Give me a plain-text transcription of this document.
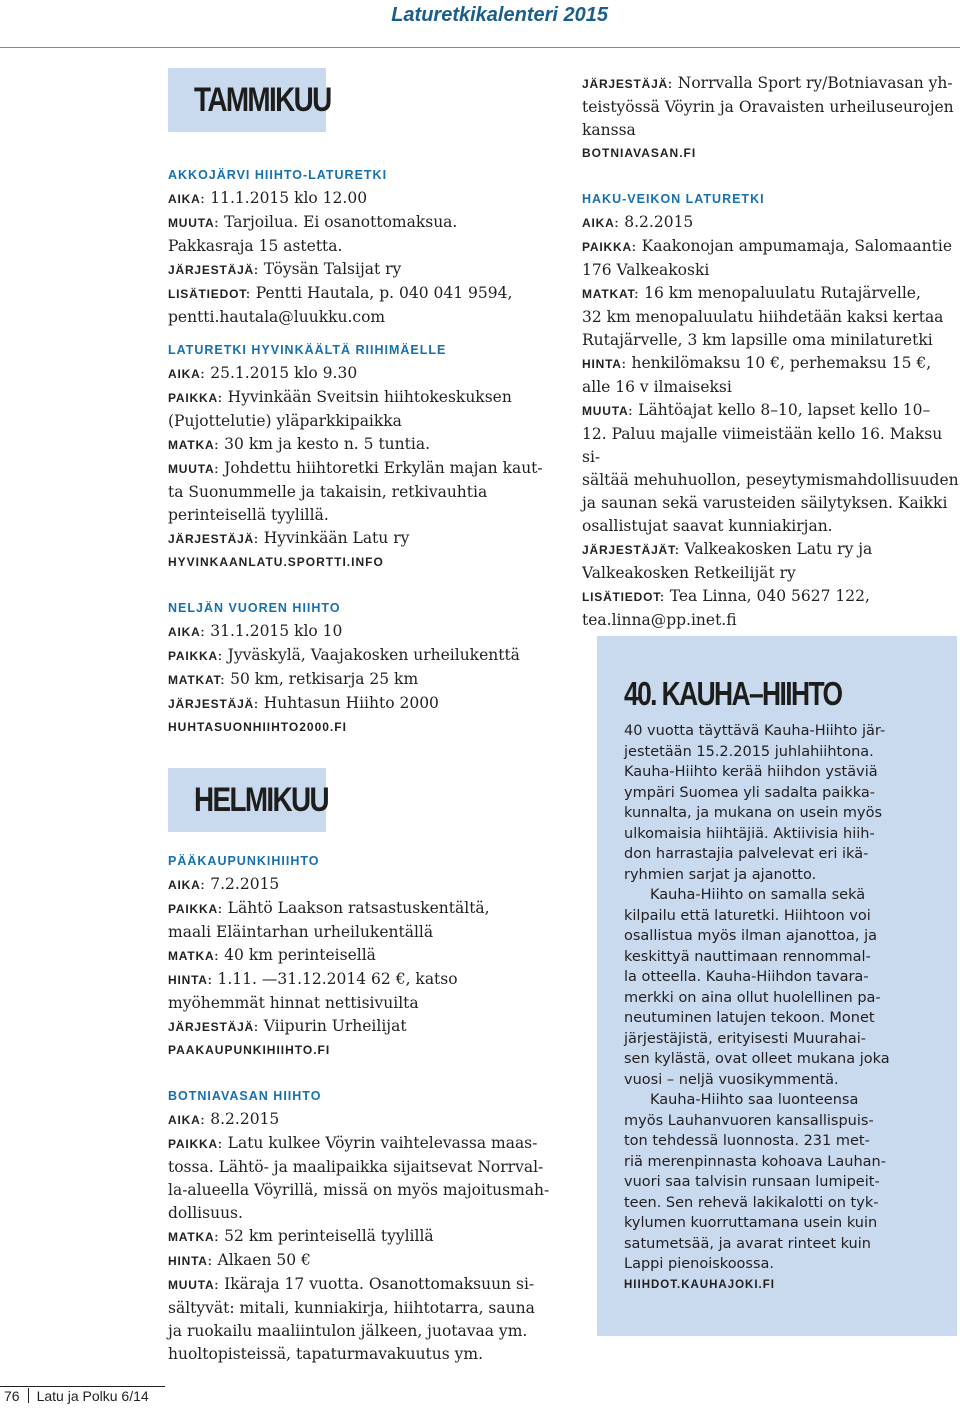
Laturetkikalenteri 2015
TAMMIKUU
HELMIKUU

AKKOJÄRVI HIIHTO-LATURETKI

AIKA: 11.1.2015 klo 12.00

MUUTA: Tarjoilua. Ei osanottomaksua.

Pakkasraja 15 astetta.

JÄRJESTÄJÄ: Töysän Talsijat ry

LISÄTIEDOT: Pentti Hautala, p. 040 041 9594,

pentti.hautala@luukku.com

LATURETKI HYVINKÄÄLTÄ RIIHIMÄELLE

AIKA: 25.1.2015 klo 9.30

PAIKKA: Hyvinkään Sveitsin hiihtokeskuksen

(Pujottelutie) yläparkkipaikka

MATKA: 30 km ja kesto n. 5 tuntia.

MUUTA: Johdettu hiihtoretki Erkylän majan kaut-

ta Suonummelle ja takaisin, retkivauhtia

perinteisellä tyylillä.

JÄRJESTÄJÄ: Hyvinkään Latu ry

HYVINKAANLATU.SPORTTI.INFO

NELJÄN VUOREN HIIHTO

AIKA: 31.1.2015 klo 10

PAIKKA: Jyväskylä, Vaajakosken urheilukenttä

MATKAT: 50 km, retkisarja 25 km

JÄRJESTÄJÄ: Huhtasun Hiihto 2000

HUHTASUONHIIHTO2000.FI

PÄÄKAUPUNKIHIIHTO

AIKA: 7.2.2015

PAIKKA: Lähtö Laakson ratsastuskentältä,

maali Eläintarhan urheilukentällä

MATKA: 40 km perinteisellä

HINTA: 1.11. —31.12.2014 62 €, katso

myöhemmät hinnat nettisivuilta

JÄRJESTÄJÄ: Viipurin Urheilijat

PAAKAUPUNKIHIIHTO.FI

BOTNIAVASAN HIIHTO

AIKA: 8.2.2015

PAIKKA: Latu kulkee Vöyrin vaihtelevassa maas-

tossa. Lähtö- ja maalipaikka sijaitsevat Norrval-

la-alueella Vöyrillä, missä on myös majoitusmah-

dollisuus.

MATKA: 52 km perinteisellä tyylillä

HINTA: Alkaen 50 €

MUUTA: Ikäraja 17 vuotta. Osanottomaksuun si-

sältyvät: mitali, kunniakirja, hiihtotarra, sauna

ja ruokailu maaliintulon jälkeen, juotavaa ym.

huoltopisteissä, tapaturmavakuutus ym.

JÄRJESTÄJÄ: Norrvalla Sport ry/Botniavasan yh-

teistyössä Vöyrin ja Oravaisten urheiluseurojen

kanssa

BOTNIAVASAN.FI

HAKU-VEIKON LATURETKI

AIKA: 8.2.2015

PAIKKA: Kaakonojan ampumamaja, Salomaantie

176 Valkeakoski

MATKAT: 16 km menopaluulatu Rutajärvelle,

32 km menopaluulatu hiihdetään kaksi kertaa

Rutajärvelle, 3 km lapsille oma minilaturetki

HINTA: henkilömaksu 10 €, perhemaksu 15 €,

alle 16 v ilmaiseksi

MUUTA: Lähtöajat kello 8–10, lapset kello 10–

12. Paluu majalle viimeistään kello 16. Maksu si-

sältää mehuhuollon, peseytymismahdollisuuden

ja saunan sekä varusteiden säilytyksen. Kaikki

osallistujat saavat kunniakirjan.

JÄRJESTÄJÄT: Valkeakosken Latu ry ja

Valkeakosken Retkeilijät ry

LISÄTIEDOT: Tea Linna, 040 5627 122,

tea.linna@pp.inet.fi

40. KAUHA–HIIHTO

40 vuotta täyttävä Kauha-Hiihto jär-

jestetään 15.2.2015 juhlahiihtona.

Kauha-Hiihto kerää hiihdon ystäviä

ympäri Suomea yli sadalta paikka-

kunnalta, ja mukana on usein myös

ulkomaisia hiihtäjiä. Aktiivisia hiih-

don harrastajia palvelevat eri ikä-

ryhmien sarjat ja ajanotto.

Kauha-Hiihto on samalla sekä

kilpailu että laturetki. Hiihtoon voi

osallistua myös ilman ajanottoa, ja

keskittyä nauttimaan rennommal-

la otteella. Kauha-Hiihdon tavara-

merkki on aina ollut huolellinen pa-

neutuminen latujen tekoon. Monet

järjestäjistä, erityisesti Muurahai-

sen kylästä, ovat olleet mukana joka

vuosi – neljä vuosikymmentä.

Kauha-Hiihto saa luonteensa

myös Lauhanvuoren kansallispuis-

ton tehdessä luonnosta. 231 met-

riä merenpinnasta kohoava Lauhan-

vuori saa talvisin runsaan lumipeit-

teen. Sen rehevä lakikalotti on tyk-

kylumen kuorruttamana usein kuin

satumetsää, ja avarat rinteet kuin

Lappi pienoiskoossa.

HIIHDOT.KAUHAJOKI.FI

76 Latu ja Polku 6/14
